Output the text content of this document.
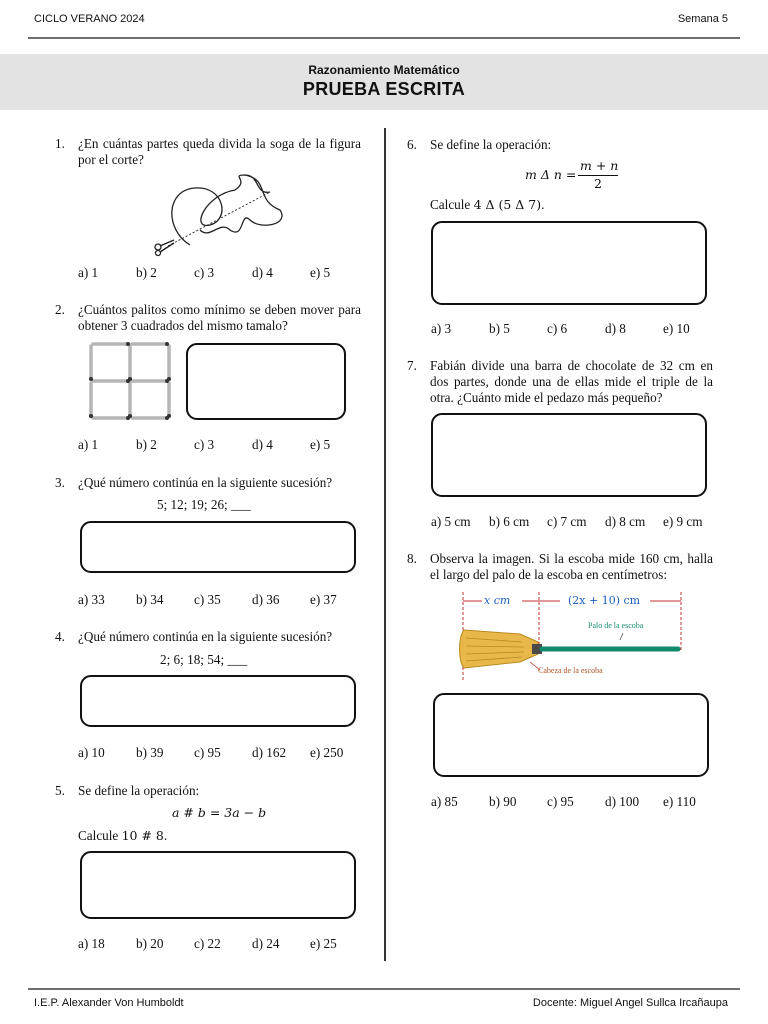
CICLO VERANO 2024	Semana 5
Razonamiento Matemático
PRUEBA ESCRITA
1. ¿En cuántas partes queda divida la soga de la figura por el corte?
a) 1	b) 2	c) 3	d) 4	e) 5
2. ¿Cuántos palitos como mínimo se deben mover para obtener 3 cuadrados del mismo tamalo?
a) 1	b) 2	c) 3	d) 4	e) 5
3. ¿Qué número continúa en la siguiente sucesión?
5; 12; 19; 26; ___
a) 33	b) 34	c) 35	d) 36	e) 37
4. ¿Qué número continúa en la siguiente sucesión?
2; 6; 18; 54; ___
a) 10	b) 39	c) 95	d) 162	e) 250
5. Se define la operación:
a # b = 3a − b
Calcule 10 # 8.
a) 18	b) 20	c) 22	d) 24	e) 25
6. Se define la operación:
m Δ n =
m + n
2
Calcule 4 Δ (5 Δ 7).
a) 3	b) 5	c) 6	d) 8	e) 10
7. Fabián divide una barra de chocolate de 32 cm en dos partes, donde una de ellas mide el triple de la otra. ¿Cuánto mide el pedazo más pequeño?
a) 5 cm	b) 6 cm	c) 7 cm	d) 8 cm	e) 9 cm
8. Observa la imagen. Si la escoba mide 160 cm, halla el largo del palo de la escoba en centímetros:
x cm	(2x + 10) cm
Palo de la escoba
Cabeza de la escoba
a) 85	b) 90	c) 95	d) 100	e) 110
I.E.P. Alexander Von Humboldt	Docente: Miguel Angel Sullca Ircañaupa
